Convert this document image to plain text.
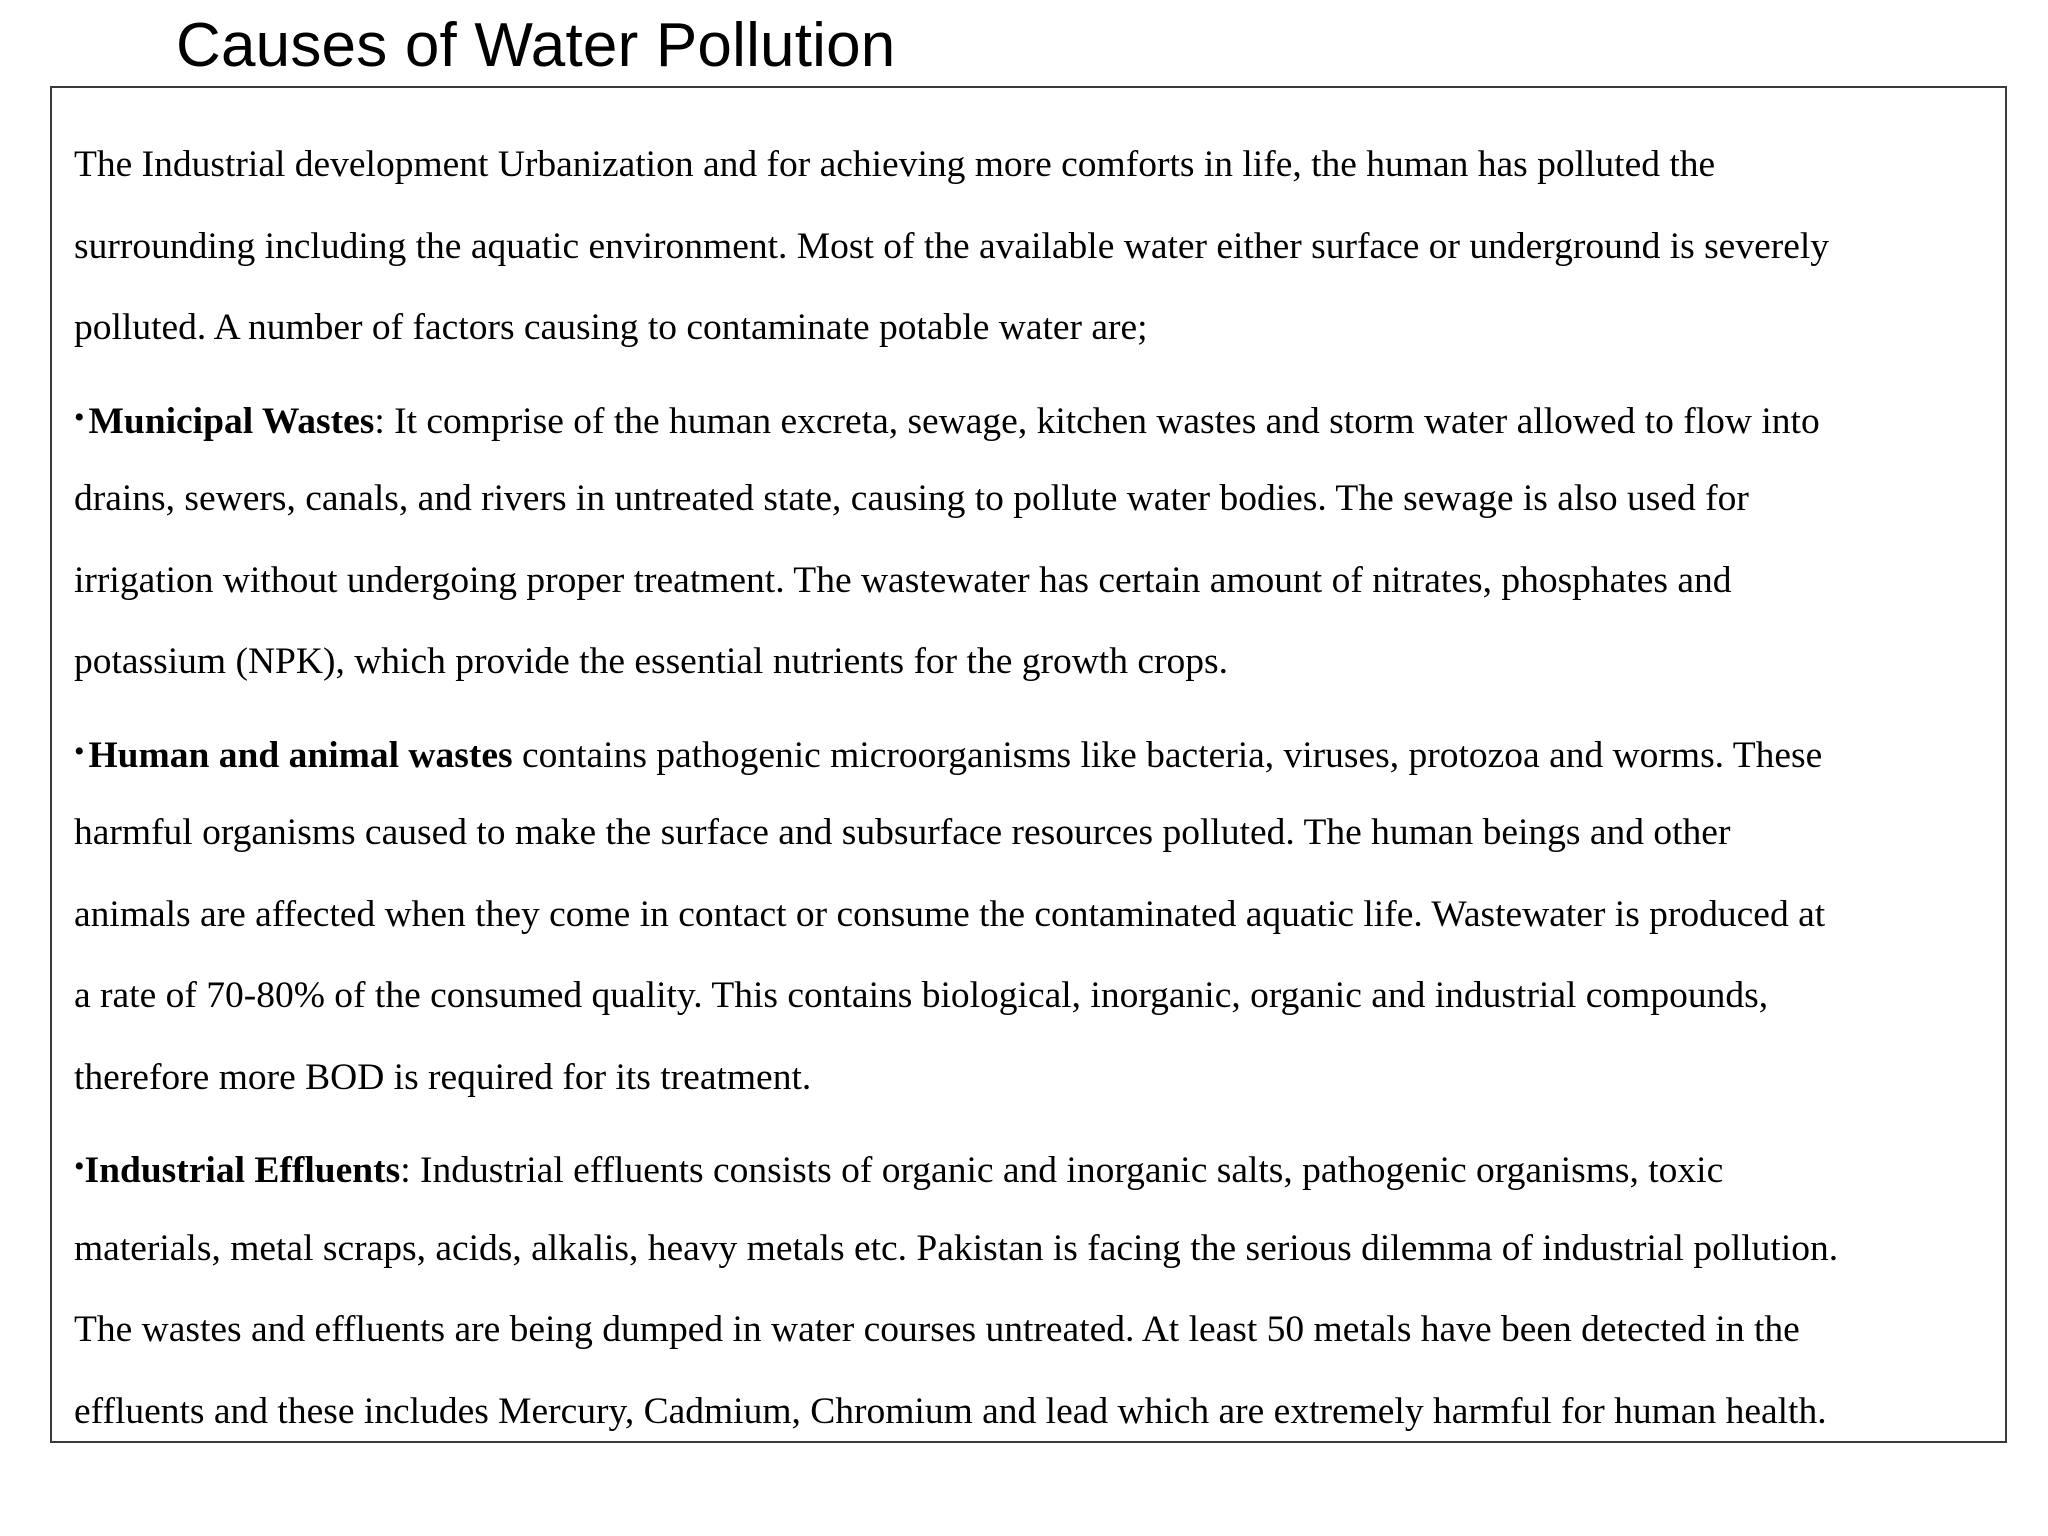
Causes of Water Pollution

The Industrial development Urbanization and for achieving more comforts in life, the human has polluted the
surrounding including the aquatic environment. Most of the available water either surface or underground is severely
polluted. A number of factors causing to contaminate potable water are;

• Municipal Wastes: It comprise of the human excreta, sewage, kitchen wastes and storm water allowed to flow into
drains, sewers, canals, and rivers in untreated state, causing to pollute water bodies. The sewage is also used for
irrigation without undergoing proper treatment. The wastewater has certain amount of nitrates, phosphates and
potassium (NPK), which provide the essential nutrients for the growth crops.

• Human and animal wastes contains pathogenic microorganisms like bacteria, viruses, protozoa and worms. These
harmful organisms caused to make the surface and subsurface resources polluted. The human beings and other
animals are affected when they come in contact or consume the contaminated aquatic life. Wastewater is produced at
a rate of 70-80% of the consumed quality. This contains biological, inorganic, organic and industrial compounds,
therefore more BOD is required for its treatment.

•Industrial Effluents: Industrial effluents consists of organic and inorganic salts, pathogenic organisms, toxic
materials, metal scraps, acids, alkalis, heavy metals etc. Pakistan is facing the serious dilemma of industrial pollution.
The wastes and effluents are being dumped in water courses untreated. At least 50 metals have been detected in the
effluents and these includes Mercury, Cadmium, Chromium and lead which are extremely harmful for human health.
